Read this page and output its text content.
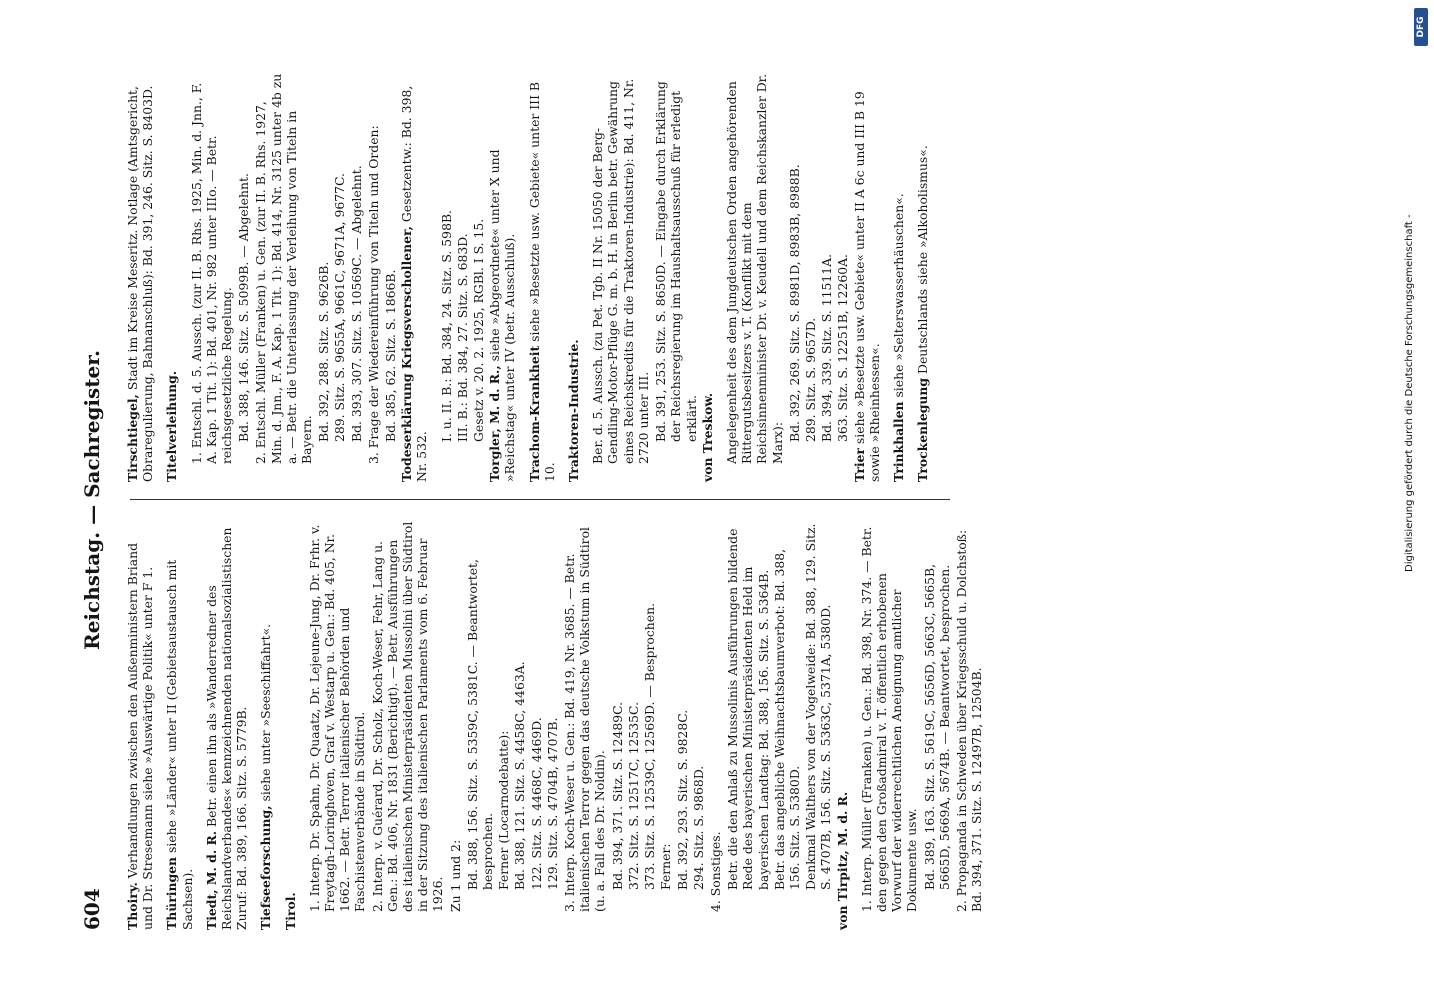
604
Reichstag. — Sachregister.
Thoiry. Verhandlungen zwischen den Außenministern Briand und Dr. Stresemann siehe »Auswärtige Politik« unter F 1. Thüringen siehe »Länder« unter II (Gebietsaustausch mit Sachsen). Tiedt, M. d. R. Betr. einen ihn als »Wanderredner des Reichslandverbandes« kennzeichnenden nationalsozialistischen Zuruf: Bd. 389, 166. Sitz. S. 5779B. Tiefseeforschung, siehe unter »Seeschiffahrt«.
Tirol. 1. Interp. Dr. Spahn, Dr. Quaatz, Dr. Lejeune-Jung, Dr. Frhr. v. Freytagh-Loringhoven, Graf v. Westarp u. Gen.: Bd. 405, Nr. 1662. — Betr. Terror italienischer Behörden und Faschistenverbände in Südtirol. 2. Interp. v. Guérard, Dr. Scholz, Koch-Weser, Fehr, Lang u. Gen.: Bd. 406, Nr. 1831 (Berichtigt). — Betr. Ausführungen des italienischen Ministerpräsidenten Mussolini über Südtirol in der Sitzung des italienischen Parlaments vom 6. Februar 1926. Zu 1 und 2: Bd. 388, 156. Sitz. S. 5359C, 5381C. — Beantwortet, besprochen. Ferner (Locarnodebatte): Bd. 388, 121. Sitz. S. 4458C, 4463A. 122. Sitz. S. 4468C, 4469D. 129. Sitz. S. 4704B, 4707B. 3. Interp. Koch-Weser u. Gen.: Bd. 419, Nr. 3685. — Betr. italienischen Terror gegen das deutsche Volkstum in Südtirol (u. a. Fall des Dr. Noldin). Bd. 394, 371. Sitz. S. 12489C. 372. Sitz. S. 12517C, 12535C. 373. Sitz. S. 12539C, 12569D. — Besprochen. Ferner: Bd. 392, 293. Sitz. S. 9828C. 294. Sitz. S. 9868D. 4. Sonstiges. Betr. die den Anlaß zu Mussolinis Ausführungen bildende Rede des bayerischen Ministerpräsidenten Held im bayerischen Landtag: Bd. 388, 156. Sitz. S. 5364B. Betr. das angebliche Weihnachtsbaumverbot: Bd. 388, 156. Sitz. S. 5380D. Denkmal Walthers von der Vogelweide: Bd. 388, 129. Sitz. S. 4707B, 156. Sitz. S. 5363C, 5371A, 5380D. von Tirpitz, M. d. R. 1. Interp. Müller (Franken) u. Gen.: Bd. 398, Nr. 374. — Betr. den gegen den Großadmiral v. T. öffentlich erhobenen Vorwurf der widerrechtlichen Aneignung amtlicher Dokumente usw. Bd. 389, 163. Sitz. S. 5619C, 5656D, 5663C, 5665B, 5665D, 5669A, 5674B. — Beantwortet, besprochen. 2. Propaganda in Schweden über Kriegsschuld u. Dolchstoß: Bd. 394, 371. Sitz. S. 12497B, 12504B.
Tirschtiegel, Stadt im Kreise Meseritz. Notlage (Amtsgericht, Obraregulierung, Bahnanschluß): Bd. 391, 246. Sitz. S. 8403D. Titelverleihung. 1. Entschl. d. 5. Aussch. (zur II. B. Rhs. 1925, Min. d. Jnn., F. A. Kap. 1 Tit. 1): Bd. 401, Nr. 982 unter IIIo. — Betr. reichsgesetzliche Regelung. Bd. 388, 146. Sitz. S. 5099B. — Abgelehnt. 2. Entschl. Müller (Franken) u. Gen. (zur II. B. Rhs. 1927, Min. d. Jnn., F. A. Kap. 1 Tit. 1): Bd. 414, Nr. 3125 unter 4b zu a. — Betr. die Unterlassung der Verleihung von Titeln in Bayern. Bd. 392, 288. Sitz. S. 9626B. 289. Sitz. S. 9655A, 9661C, 9671A, 9677C. Bd. 393, 307. Sitz. S. 10569C. — Abgelehnt. 3. Frage der Wiedereinführung von Titeln und Orden: Bd. 385, 62. Sitz. S. 1866B. Todeserklärung Kriegsverschollener, Gesetzentw.: Bd. 398, Nr. 532.
I. u. II. B.: Bd. 384, 24. Sitz. S. 598B. III. B.: Bd. 384, 27. Sitz. S. 683D. Gesetz v. 20. 2. 1925, RGBl. I S. 15. Torgler, M. d. R., siehe »Abgeordnete« unter X und »Reichstag« unter IV (betr. Ausschluß). Trachom-Krankheit siehe »Besetzte usw. Gebiete« unter III B 10. Traktoren-Industrie. Ber. d. 5. Aussch. (zu Pet. Tgb. II Nr. 15050 der Berg-Gendling-Motor-Pflüge G. m. b. H. in Berlin betr. Gewährung eines Reichskredits für die Traktoren-Industrie): Bd. 411, Nr. 2720 unter III. Bd. 391, 253. Sitz. S. 8650D. — Eingabe durch Erklärung der Reichsregierung im Haushaltsausschuß für erledigt erklärt. von Treskow. Angelegenheit des dem Jungdeutschen Orden angehörenden Rittergutsbesitzers v. T. (Konflikt mit dem Reichsinnenminister Dr. v. Keudell und dem Reichskanzler Dr. Marx):
Bd. 392, 269. Sitz. S. 8981D, 8983B, 8988B. 289. Sitz. S. 9657D. Bd. 394, 339. Sitz. S. 11511A. 363. Sitz. S. 12251B, 12260A.
Trier siehe »Besetzte usw. Gebiete« unter II A 6c und III B 19 sowie »Rheinhessen«. Trinkhallen siehe »Selterswasserhäuschen«.
Trockenlegung Deutschlands siehe »Alkoholismus«.	Digitalisierung gefördert durch die Deutsche Forschungsgemeinschaft -
DFG
